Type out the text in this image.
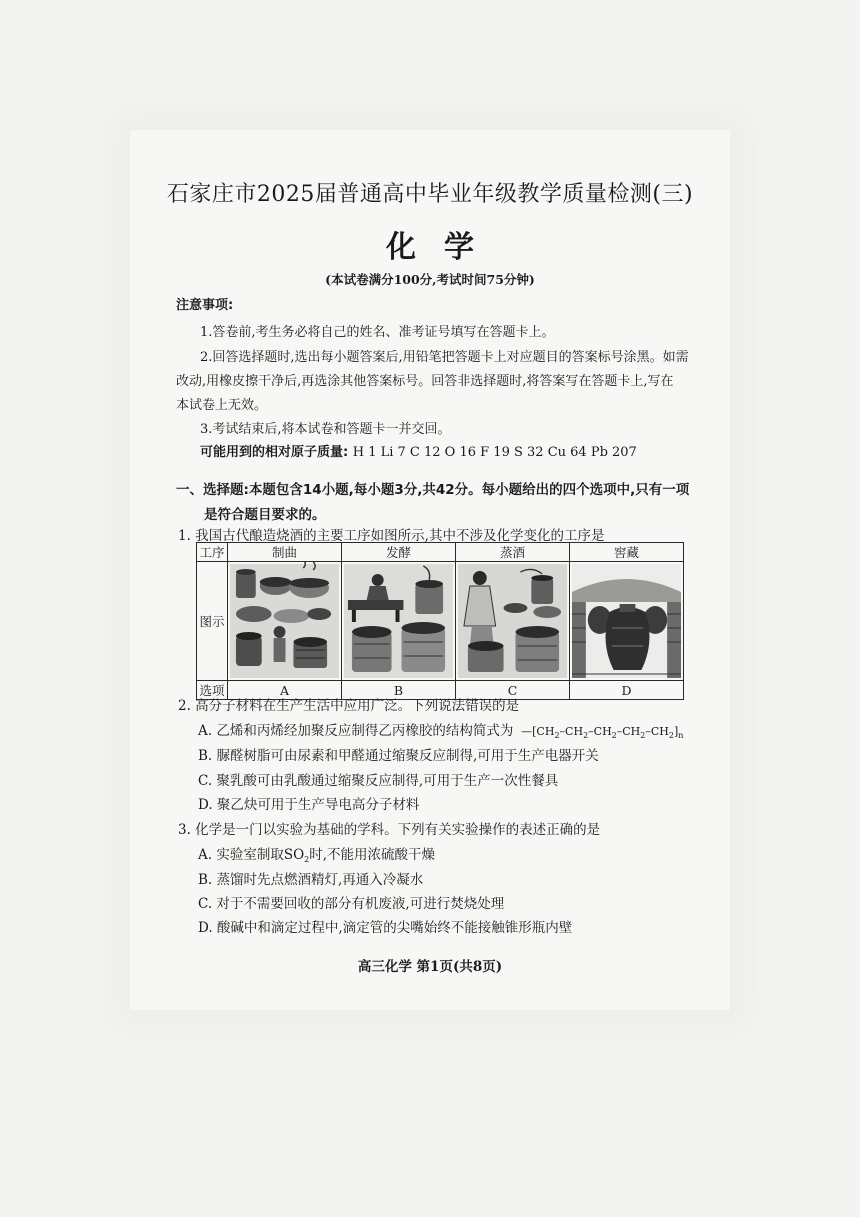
石家庄市2025届普通高中毕业年级教学质量检测(三)
化学
(本试卷满分100分,考试时间75分钟)
注意事项:
1.答卷前,考生务必将自己的姓名、准考证号填写在答题卡上。
2.回答选择题时,选出每小题答案后,用铅笔把答题卡上对应题目的答案标号涂黑。如需
改动,用橡皮擦干净后,再选涂其他答案标号。回答非选择题时,将答案写在答题卡上,写在
本试卷上无效。
3.考试结束后,将本试卷和答题卡一并交回。
可能用到的相对原子质量: H 1 Li 7 C 12 O 16 F 19 S 32 Cu 64 Pb 207
一、选择题:本题包含14小题,每小题3分,共42分。每小题给出的四个选项中,只有一项
是符合题目要求的。
1. 我国古代酿造烧酒的主要工序如图所示,其中不涉及化学变化的工序是
工序	制曲	发酵	蒸酒	窖藏
图示	

选项	A	B	C	D
2. 高分子材料在生产生活中应用广泛。下列说法错误的是
A. 乙烯和丙烯经加聚反应制得乙丙橡胶的结构简式为  $—[CH_2-CH_2-CH_2-CH_2-CH_2]_n$
B. 脲醛树脂可由尿素和甲醛通过缩聚反应制得,可用于生产电器开关
C. 聚乳酸可由乳酸通过缩聚反应制得,可用于生产一次性餐具
D. 聚乙炔可用于生产导电高分子材料
3. 化学是一门以实验为基础的学科。下列有关实验操作的表述正确的是
A. 实验室制取$SO_2$时,不能用浓硫酸干燥
B. 蒸馏时先点燃酒精灯,再通入冷凝水
C. 对于不需要回收的部分有机废液,可进行焚烧处理
D. 酸碱中和滴定过程中,滴定管的尖嘴始终不能接触锥形瓶内壁
高三化学 第1页(共8页)
